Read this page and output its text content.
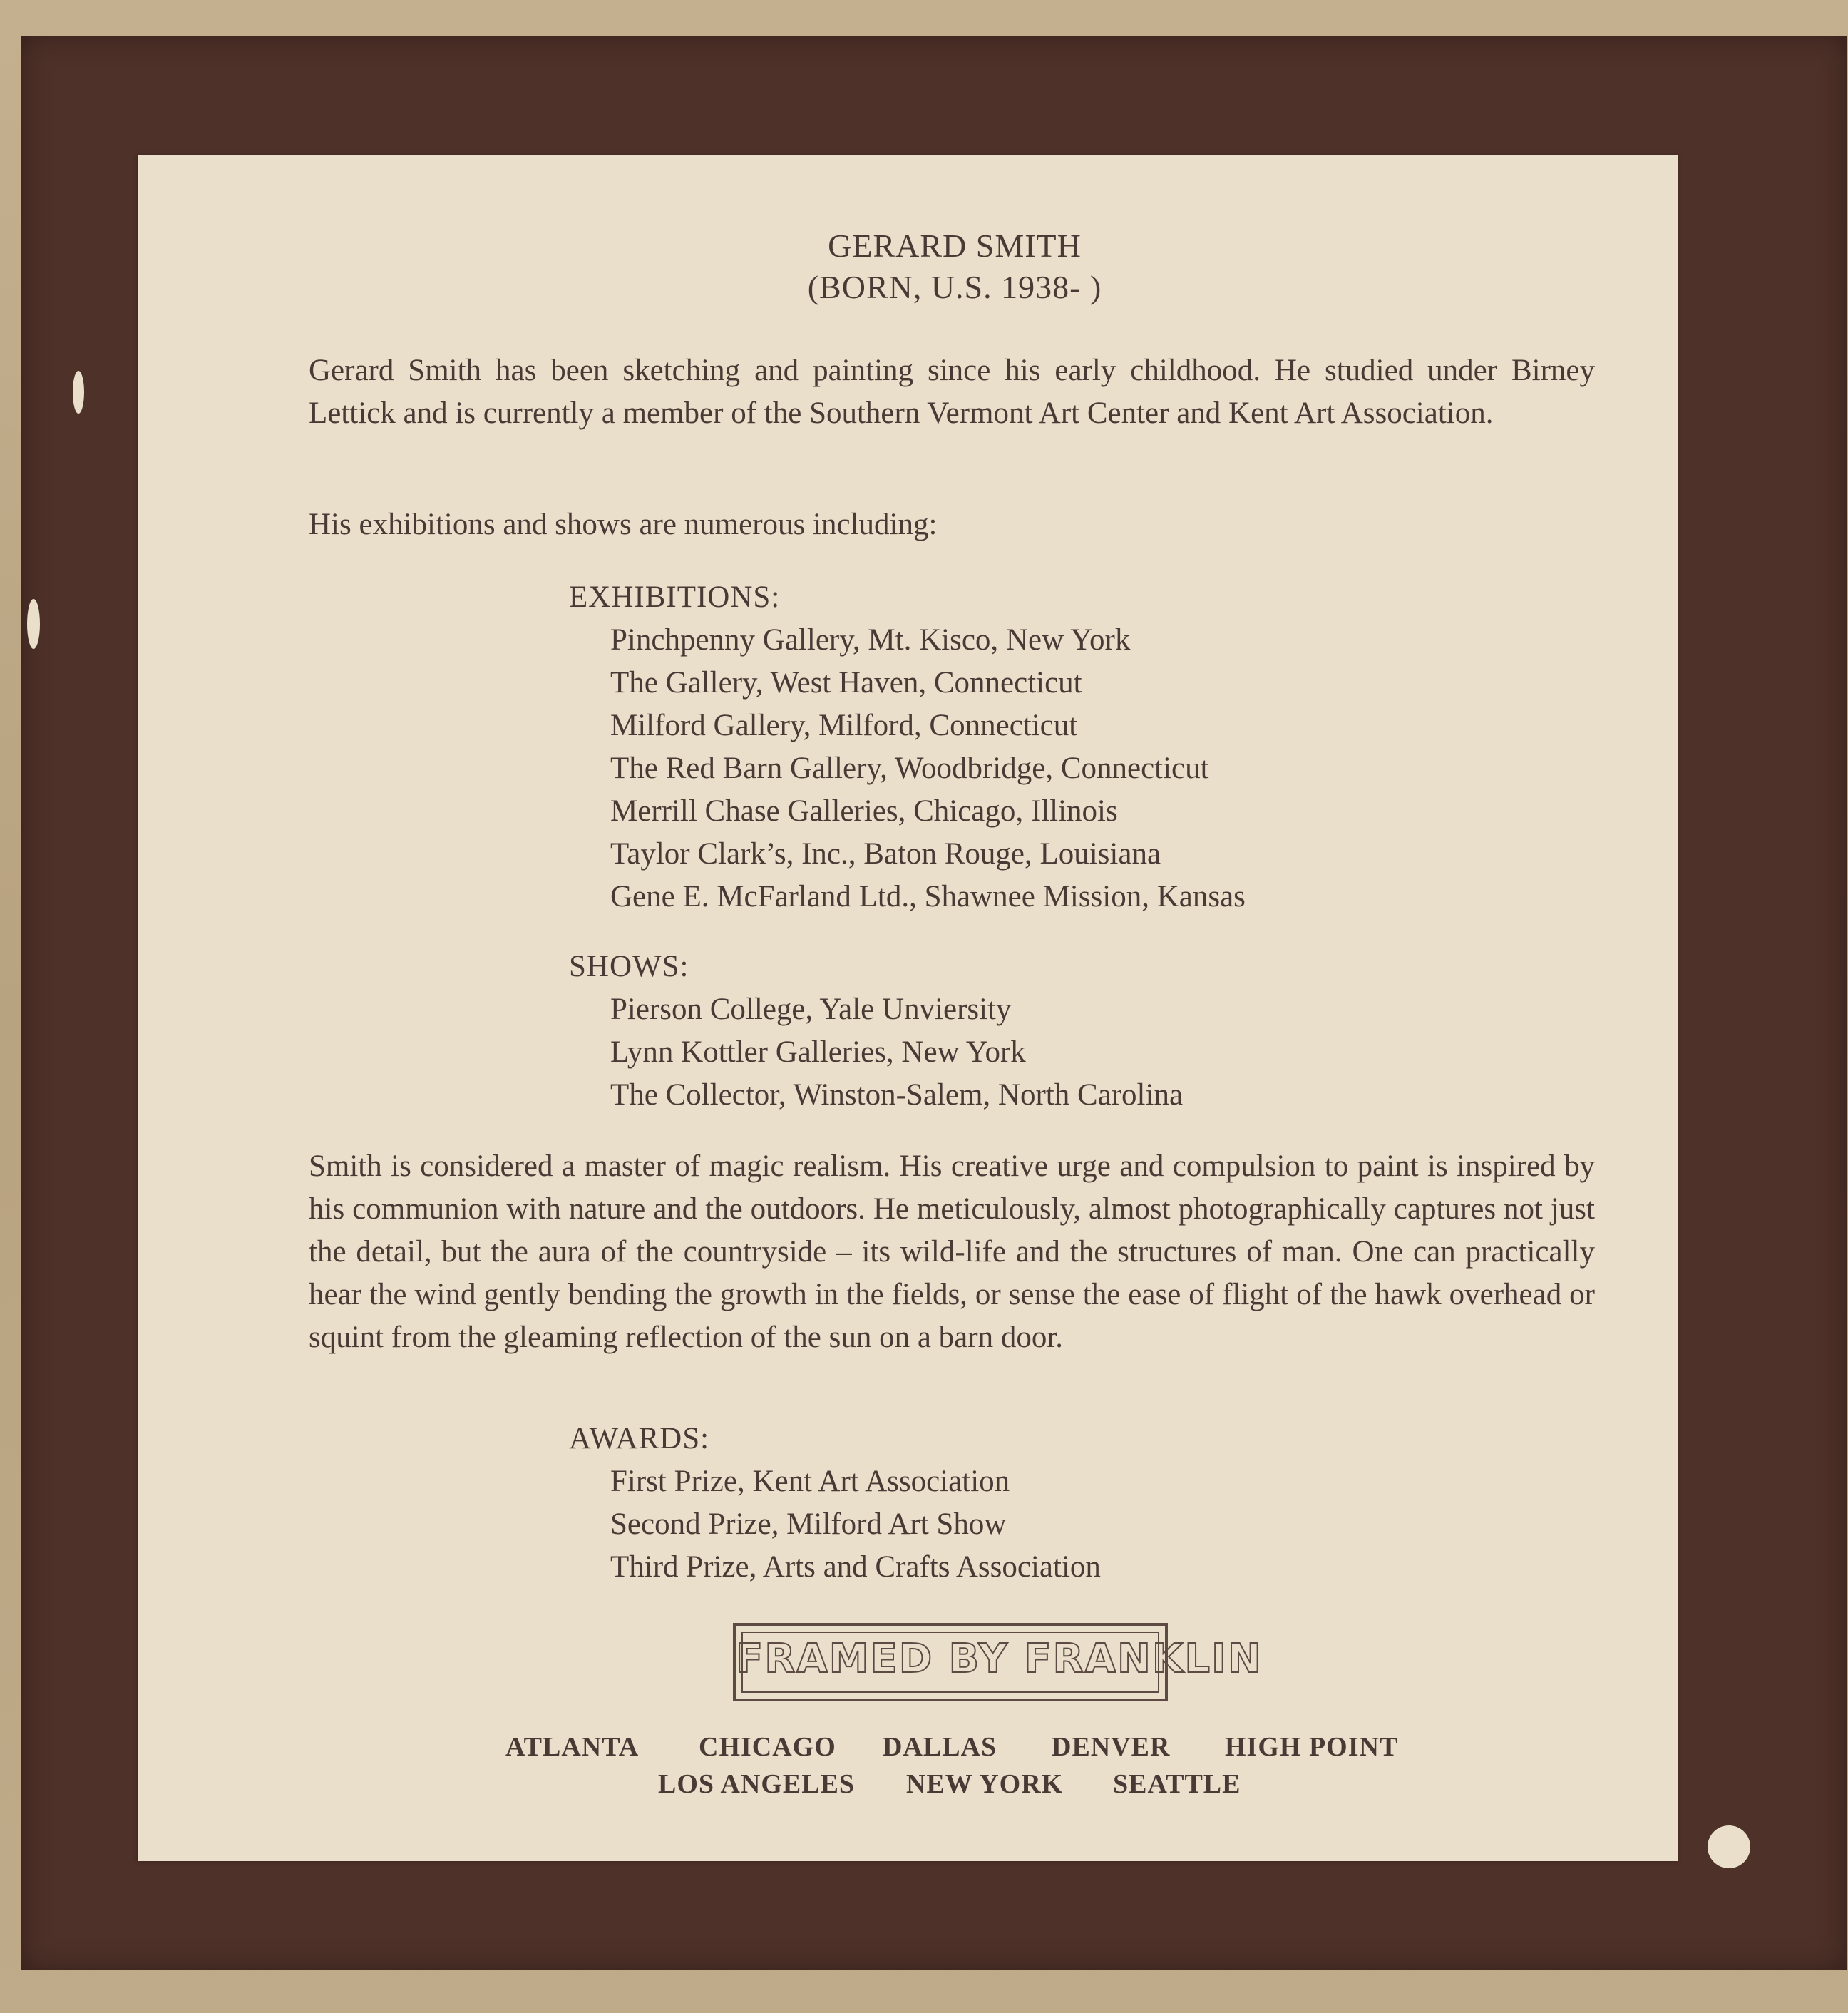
GERARD SMITH
(BORN, U.S. 1938- )
Gerard Smith has been sketching and painting since his early childhood. He studied under Birney Lettick and is currently a member of the Southern Vermont Art Center and Kent Art Association.
His exhibitions and shows are numerous including:
EXHIBITIONS:
Pinchpenny Gallery, Mt. Kisco, New York
The Gallery, West Haven, Connecticut
Milford Gallery, Milford, Connecticut
The Red Barn Gallery, Woodbridge, Connecticut
Merrill Chase Galleries, Chicago, Illinois
Taylor Clark’s, Inc., Baton Rouge, Louisiana
Gene E. McFarland Ltd., Shawnee Mission, Kansas
SHOWS:
Pierson College, Yale Unviersity
Lynn Kottler Galleries, New York
The Collector, Winston-Salem, North Carolina
Smith is considered a master of magic realism. His creative urge and compulsion to paint is inspired by his communion with nature and the outdoors. He meticulously, almost photographically captures not just the detail, but the aura of the countryside – its wild-life and the structures of man. One can practically hear the wind gently bending the growth in the fields, or sense the ease of flight of the hawk overhead or squint from the gleaming reflection of the sun on a barn door.
AWARDS:
First Prize, Kent Art Association
Second Prize, Milford Art Show
Third Prize, Arts and Crafts Association
FRAMED BY FRANKLIN
ATLANTA CHICAGO DALLAS DENVER HIGH POINT
LOS ANGELES NEW YORK SEATTLE
